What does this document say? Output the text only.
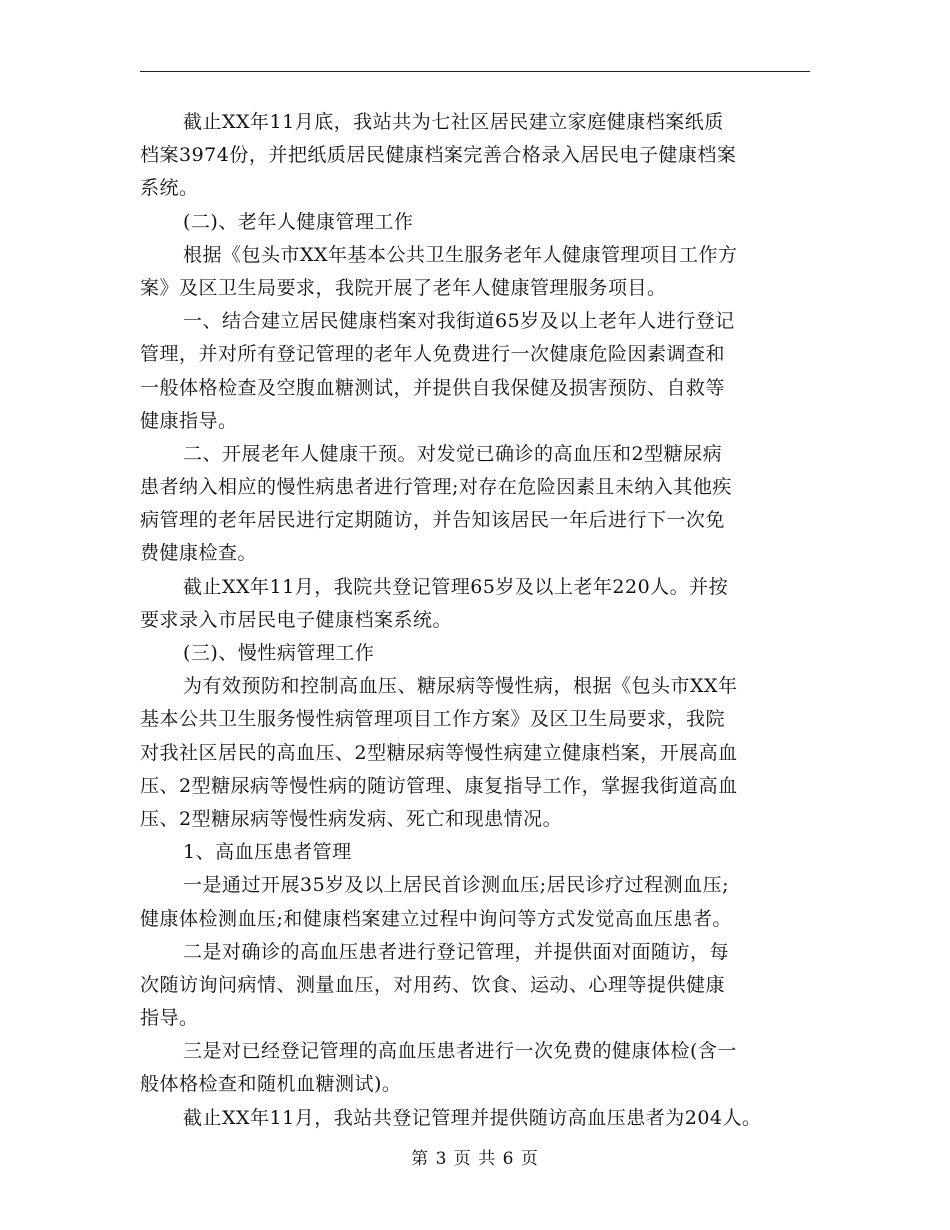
截止XX年11月底，我站共为七社区居民建立家庭健康档案纸质
档案3974份，并把纸质居民健康档案完善合格录入居民电子健康档案
系统。
(二)、老年人健康管理工作
根据《包头市XX年基本公共卫生服务老年人健康管理项目工作方
案》及区卫生局要求，我院开展了老年人健康管理服务项目。
一、结合建立居民健康档案对我街道65岁及以上老年人进行登记
管理，并对所有登记管理的老年人免费进行一次健康危险因素调查和
一般体格检查及空腹血糖测试，并提供自我保健及损害预防、自救等
健康指导。
二、开展老年人健康干预。对发觉已确诊的高血压和2型糖尿病
患者纳入相应的慢性病患者进行管理;对存在危险因素且未纳入其他疾
病管理的老年居民进行定期随访，并告知该居民一年后进行下一次免
费健康检查。
截止XX年11月，我院共登记管理65岁及以上老年220人。并按
要求录入市居民电子健康档案系统。
(三)、慢性病管理工作
为有效预防和控制高血压、糖尿病等慢性病，根据《包头市XX年
基本公共卫生服务慢性病管理项目工作方案》及区卫生局要求，我院
对我社区居民的高血压、2型糖尿病等慢性病建立健康档案，开展高血
压、2型糖尿病等慢性病的随访管理、康复指导工作，掌握我街道高血
压、2型糖尿病等慢性病发病、死亡和现患情况。
1、高血压患者管理
一是通过开展35岁及以上居民首诊测血压;居民诊疗过程测血压;
健康体检测血压;和健康档案建立过程中询问等方式发觉高血压患者。
二是对确诊的高血压患者进行登记管理，并提供面对面随访，每
次随访询问病情、测量血压，对用药、饮食、运动、心理等提供健康
指导。
三是对已经登记管理的高血压患者进行一次免费的健康体检(含一
般体格检查和随机血糖测试)。
截止XX年11月，我站共登记管理并提供随访高血压患者为204人。
第 3 页 共 6 页
